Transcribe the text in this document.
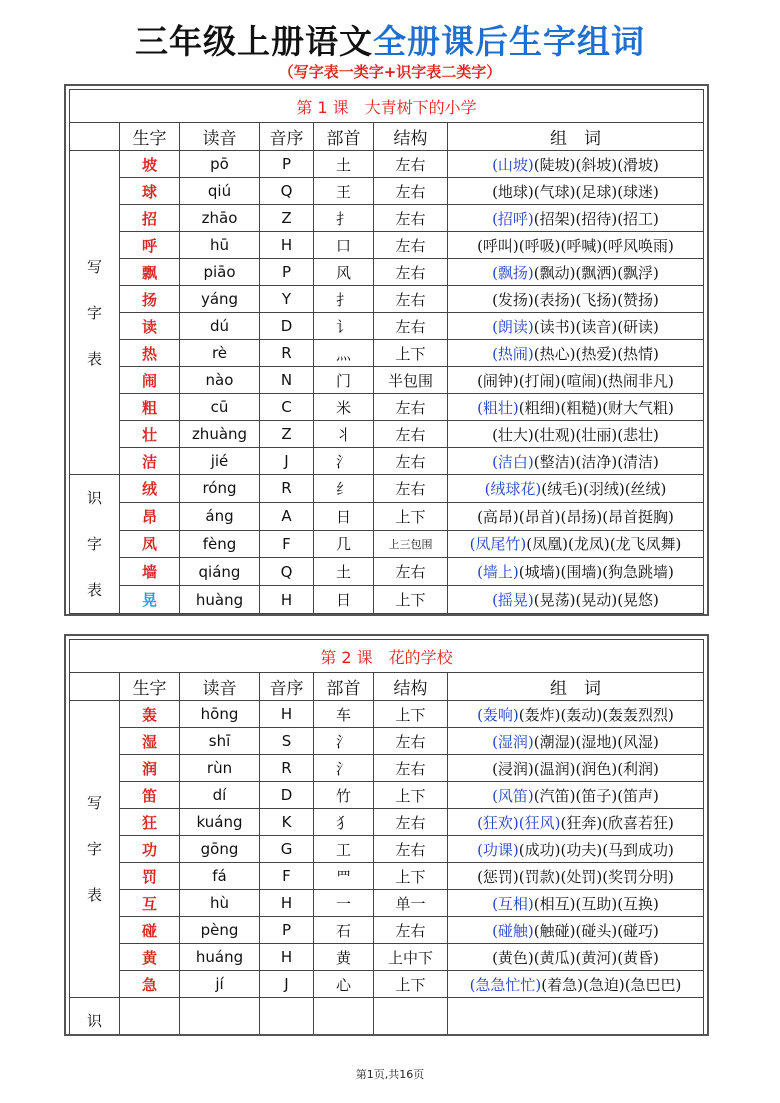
三年级上册语文全册课后生字组词
（写字表一类字+识字表二类字）
第 1 课 大青树下的小学						
	生字	读音	音序	部首	结构	组　词
写
字
表	坡	pō	P	土	左右	(山坡)(陡坡)(斜坡)(滑坡)
	球	qiú	Q	王	左右	(地球)(气球)(足球)(球迷)
	招	zhāo	Z	扌	左右	(招呼)(招架)(招待)(招工)
	呼	hū	H	口	左右	(呼叫)(呼吸)(呼喊)(呼风唤雨)
	飘	piāo	P	风	左右	(飘扬)(飘动)(飘洒)(飘浮)
	扬	yáng	Y	扌	左右	(发扬)(表扬)(飞扬)(赞扬)
	读	dú	D	讠	左右	(朗读)(读书)(读音)(研读)
	热	rè	R	灬	上下	(热闹)(热心)(热爱)(热情)
	闹	nào	N	门	半包围	(闹钟)(打闹)(喧闹)(热闹非凡)
	粗	cū	C	米	左右	(粗壮)(粗细)(粗糙)(财大气粗)
	壮	zhuàng	Z	丬	左右	(壮大)(壮观)(壮丽)(悲壮)
	洁	jié	J	氵	左右	(洁白)(整洁)(洁净)(清洁)
识
字
表	绒	róng	R	纟	左右	(绒球花)(绒毛)(羽绒)(丝绒)
	昂	áng	A	日	上下	(高昂)(昂首)(昂扬)(昂首挺胸)
	凤	fèng	F	几	上三包围	(凤尾竹)(凤凰)(龙凤)(龙飞凤舞)
	墙	qiáng	Q	土	左右	(墙上)(城墙)(围墙)(狗急跳墙)
	晃	huàng	H	日	上下	(摇晃)(晃荡)(晃动)(晃悠)
第 2 课 花的学校						
	生字	读音	音序	部首	结构	组　词
写
字
表	轰	hōng	H	车	上下	(轰响)(轰炸)(轰动)(轰轰烈烈)
	湿	shī	S	氵	左右	(湿润)(潮湿)(湿地)(风湿)
	润	rùn	R	氵	左右	(浸润)(温润)(润色)(利润)
	笛	dí	D	竹	上下	(风笛)(汽笛)(笛子)(笛声)
	狂	kuáng	K	犭	左右	(狂欢)(狂风)(狂奔)(欣喜若狂)
	功	gōng	G	工	左右	(功课)(成功)(功夫)(马到成功)
	罚	fá	F	罒	上下	(惩罚)(罚款)(处罚)(奖罚分明)
	互	hù	H	一	单一	(互相)(相互)(互助)(互换)
	碰	pèng	P	石	左右	(碰触)(触碰)(碰头)(碰巧)
	黄	huáng	H	黄	上中下	(黄色)(黄瓜)(黄河)(黄昏)
	急	jí	J	心	上下	(急急忙忙)(着急)(急迫)(急巴巴)
识

第1页,共16页
